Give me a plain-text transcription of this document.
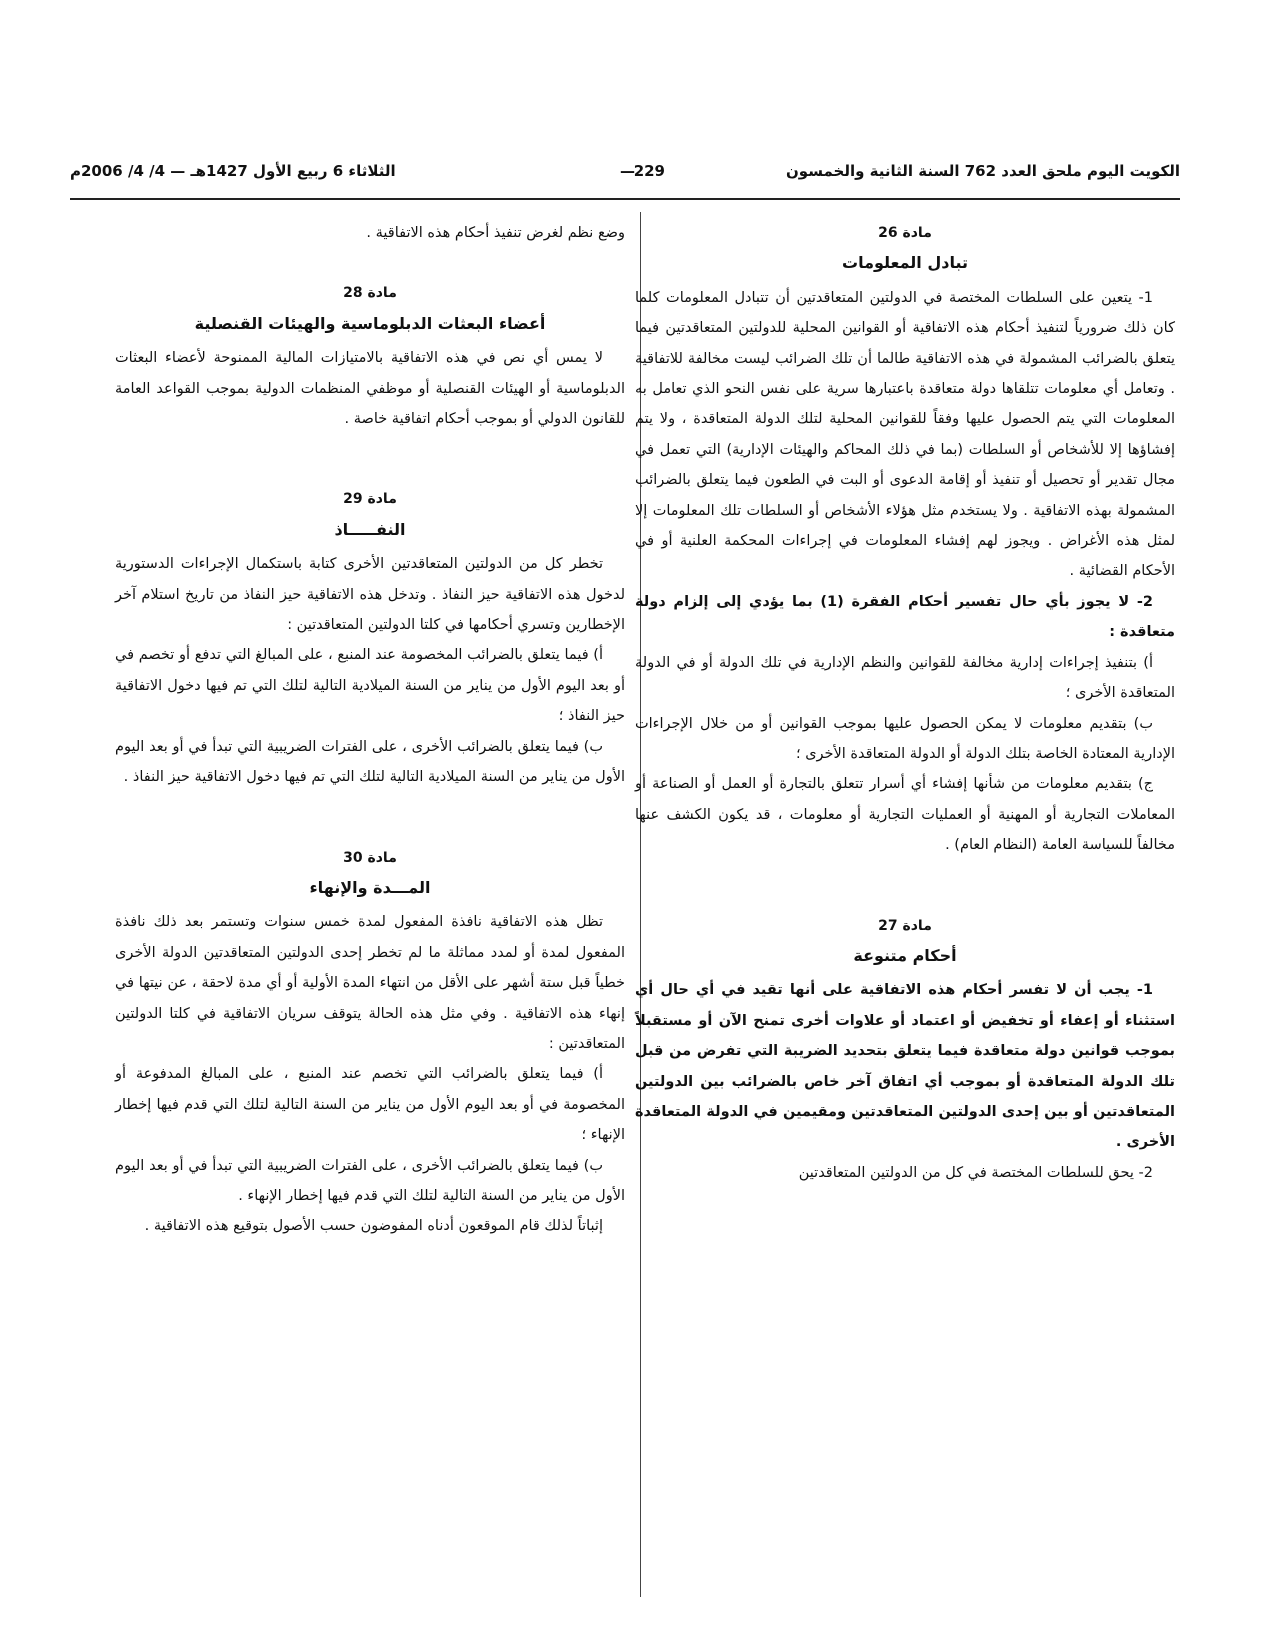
الكويت اليوم ملحق العدد 762 السنة الثانية والخمسون
—
229
الثلاثاء 6 ربيع الأول 1427هـ — 4/ 4/ 2006م
مادة 26
تبادل المعلومات

1- يتعين على السلطات المختصة في الدولتين المتعاقدتين أن تتبادل المعلومات كلما كان ذلك ضرورياً لتنفيذ أحكام هذه الاتفاقية أو القوانين المحلية للدولتين المتعاقدتين فيما يتعلق بالضرائب المشمولة في هذه الاتفاقية طالما أن تلك الضرائب ليست مخالفة للاتفاقية . وتعامل أي معلومات تتلقاها دولة متعاقدة باعتبارها سرية على نفس النحو الذي تعامل به المعلومات التي يتم الحصول عليها وفقاً للقوانين المحلية لتلك الدولة المتعاقدة ، ولا يتم إفشاؤها إلا للأشخاص أو السلطات (بما في ذلك المحاكم والهيئات الإدارية) التي تعمل في مجال تقدير أو تحصيل أو تنفيذ أو إقامة الدعوى أو البت في الطعون فيما يتعلق بالضرائب المشمولة بهذه الاتفاقية . ولا يستخدم مثل هؤلاء الأشخاص أو السلطات تلك المعلومات إلا لمثل هذه الأغراض . ويجوز لهم إفشاء المعلومات في إجراءات المحكمة العلنية أو في الأحكام القضائية .

2- لا يجوز بأي حال تفسير أحكام الفقرة (1) بما يؤدي إلى إلزام دولة متعاقدة :

أ) بتنفيذ إجراءات إدارية مخالفة للقوانين والنظم الإدارية في تلك الدولة أو في الدولة المتعاقدة الأخرى ؛

ب) بتقديم معلومات لا يمكن الحصول عليها بموجب القوانين أو من خلال الإجراءات الإدارية المعتادة الخاصة بتلك الدولة أو الدولة المتعاقدة الأخرى ؛

ج) بتقديم معلومات من شأنها إفشاء أي أسرار تتعلق بالتجارة أو العمل أو الصناعة أو المعاملات التجارية أو المهنية أو العمليات التجارية أو معلومات ، قد يكون الكشف عنها مخالفاً للسياسة العامة (النظام العام) .

مادة 27
أحكام متنوعة

1- يجب أن لا تفسر أحكام هذه الاتفاقية على أنها تقيد في أي حال أي استثناء أو إعفاء أو تخفيض أو اعتماد أو علاوات أخرى تمنح الآن أو مستقبلاً بموجب قوانين دولة متعاقدة فيما يتعلق بتحديد الضريبة التي تفرض من قبل تلك الدولة المتعاقدة أو بموجب أي اتفاق آخر خاص بالضرائب بين الدولتين المتعاقدتين أو بين إحدى الدولتين المتعاقدتين ومقيمين في الدولة المتعاقدة الأخرى .

2- يحق للسلطات المختصة في كل من الدولتين المتعاقدتين

وضع نظم لغرض تنفيذ أحكام هذه الاتفاقية .

مادة 28
أعضاء البعثات الدبلوماسية والهيئات القنصلية

لا يمس أي نص في هذه الاتفاقية بالامتيازات المالية الممنوحة لأعضاء البعثات الدبلوماسية أو الهيئات القنصلية أو موظفي المنظمات الدولية بموجب القواعد العامة للقانون الدولي أو بموجب أحكام اتفاقية خاصة .

مادة 29
النفـــــاذ

تخطر كل من الدولتين المتعاقدتين الأخرى كتابة باستكمال الإجراءات الدستورية لدخول هذه الاتفاقية حيز النفاذ . وتدخل هذه الاتفاقية حيز النفاذ من تاريخ استلام آخر الإخطارين وتسري أحكامها في كلتا الدولتين المتعاقدتين :

أ) فيما يتعلق بالضرائب المخصومة عند المنبع ، على المبالغ التي تدفع أو تخصم في أو بعد اليوم الأول من يناير من السنة الميلادية التالية لتلك التي تم فيها دخول الاتفاقية حيز النفاذ ؛

ب) فيما يتعلق بالضرائب الأخرى ، على الفترات الضريبية التي تبدأ في أو بعد اليوم الأول من يناير من السنة الميلادية التالية لتلك التي تم فيها دخول الاتفاقية حيز النفاذ .

مادة 30
المـــدة والإنهاء

تظل هذه الاتفاقية نافذة المفعول لمدة خمس سنوات وتستمر بعد ذلك نافذة المفعول لمدة أو لمدد مماثلة ما لم تخطر إحدى الدولتين المتعاقدتين الدولة الأخرى خطياً قبل ستة أشهر على الأقل من انتهاء المدة الأولية أو أي مدة لاحقة ، عن نيتها في إنهاء هذه الاتفاقية . وفي مثل هذه الحالة يتوقف سريان الاتفاقية في كلتا الدولتين المتعاقدتين :

أ) فيما يتعلق بالضرائب التي تخصم عند المنبع ، على المبالغ المدفوعة أو المخصومة في أو بعد اليوم الأول من يناير من السنة التالية لتلك التي قدم فيها إخطار الإنهاء ؛

ب) فيما يتعلق بالضرائب الأخرى ، على الفترات الضريبية التي تبدأ في أو بعد اليوم الأول من يناير من السنة التالية لتلك التي قدم فيها إخطار الإنهاء .

إثباتاً لذلك قام الموقعون أدناه المفوضون حسب الأصول بتوقيع هذه الاتفاقية .
